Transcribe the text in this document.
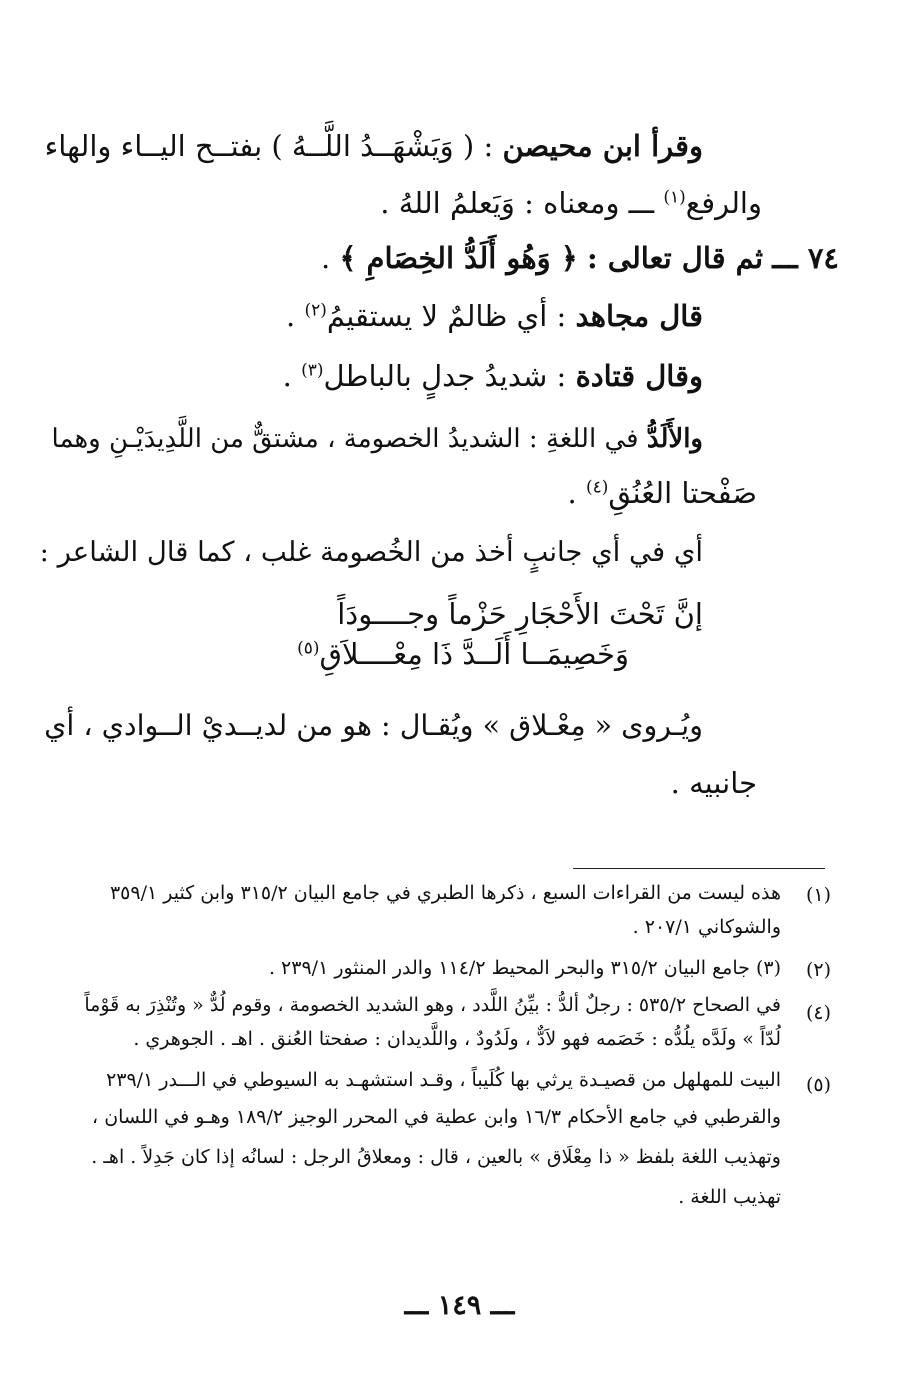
وقرأ ابن محيصن : ( وَيَشْهَــدُ اللَّــهُ ) بفتــح اليــاء والهاء
والرفع$^{(١)}$ ـــ ومعناه : وَيَعلمُ اللهُ .
٧٤ ـــ ثم قال تعالى : ﴿ وَهُو أَلَدُّ الخِصَامِ ﴾ .
قال مجاهد : أي ظالمٌ لا يستقيمُ$^{(٢)}$ .
وقال قتادة : شديدُ جدلٍ بالباطل$^{(٣)}$ .
والأَلَدُّ في اللغةِ : الشديدُ الخصومة ، مشتقٌّ من اللَّدِيدَيْـنِ وهما
صَفْحتا العُنُقِ$^{(٤)}$ .
أي في أي جانبٍ أخذ من الخُصومة غلب ، كما قال الشاعر :
إنَّ تَحْتَ الأَحْجَارِ حَزْماً وجــــودَاً
وَخَصِيمَــا أَلَــدَّ ذَا مِعْــــلاَقِ$^{(٥)}$
ويُـروى « مِعْـلاق » ويُقـال : هو من لديــديْ الــوادي ، أي
جانبيه .
(١)
هذه ليست من القراءات السبع ، ذكرها الطبري في جامع البيان ٣١٥/٢ وابن كثير ٣٥٩/١
والشوكاني ٢٠٧/١ .
(٢)
(٣) جامع البيان ٣١٥/٢ والبحر المحيط ١١٤/٢ والدر المنثور ٢٣٩/١ .
(٤)
في الصحاح ٥٣٥/٢ : رجلٌ ألدُّ : بيِّنُ اللَّدد ، وهو الشديد الخصومة ، وقوم لُدٌّ « وتُنْذِرَ به قَوْماً
لُدّاً » ولَدَّه يلُدُّه : خَصَمه فهو لاَدٌّ ، ولَدُودٌ ، واللَّديدان : صفحتا العُنق . اهـ . الجوهري .
(٥)
البيت للمهلهل من قصيـدة يرثي بها كُلَيباً ، وقـد استشهـد به السيوطي في الـــدر ٢٣٩/١
والقرطبي في جامع الأحكام ١٦/٣ وابن عطية في المحرر الوجيز ١٨٩/٢ وهـو في اللسان ،
وتهذيب اللغة بلفظ « ذا مِعْلَاق » بالعين ، قال : ومعلاقُ الرجل : لسانُه إذا كان جَدِلاً . اهـ .
تهذيب اللغة .
ـــ ١٤٩ ـــ
